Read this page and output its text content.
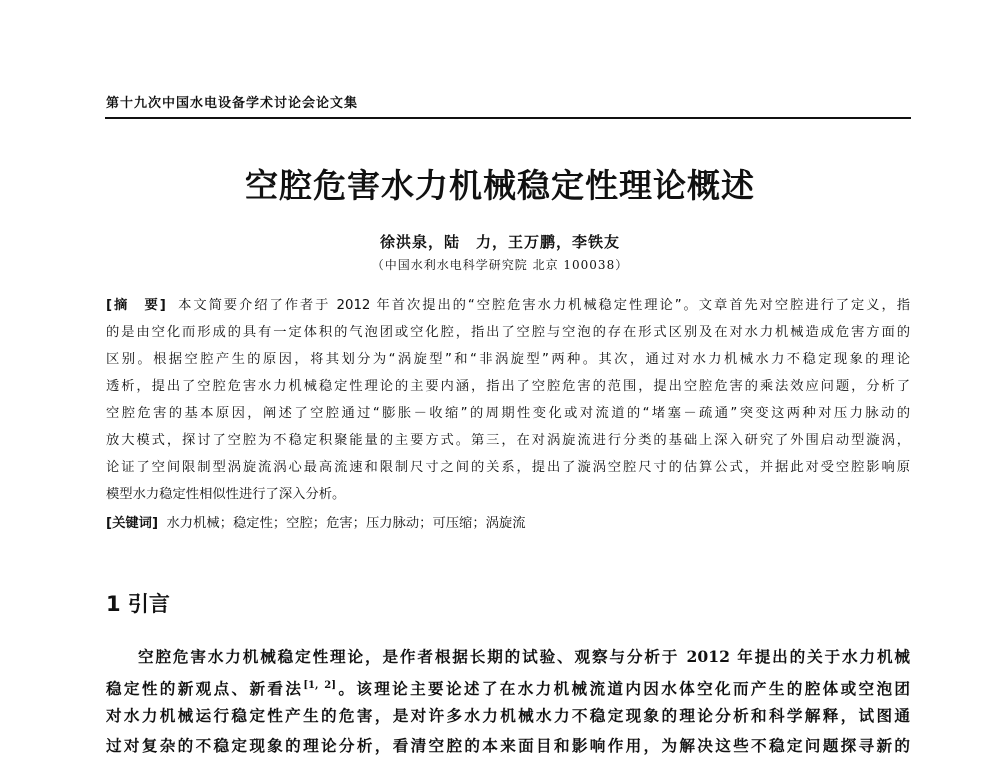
第十九次中国水电设备学术讨论会论文集
空腔危害水力机械稳定性理论概述
徐洪泉，陆　力，王万鹏，李铁友
（中国水利水电科学研究院 北京 100038）
[摘　要] 本文简要介绍了作者于 2012 年首次提出的“空腔危害水力机械稳定性理论”。文章首先对空腔进行了定义，指
的是由空化而形成的具有一定体积的气泡团或空化腔，指出了空腔与空泡的存在形式区别及在对水力机械造成危害方面的
区别。根据空腔产生的原因，将其划分为“涡旋型”和“非涡旋型”两种。其次，通过对水力机械水力不稳定现象的理论
透析，提出了空腔危害水力机械稳定性理论的主要内涵，指出了空腔危害的范围，提出空腔危害的乘法效应问题，分析了
空腔危害的基本原因，阐述了空腔通过“膨胀－收缩”的周期性变化或对流道的“堵塞－疏通”突变这两种对压力脉动的
放大模式，探讨了空腔为不稳定积聚能量的主要方式。第三，在对涡旋流进行分类的基础上深入研究了外围启动型漩涡，
论证了空间限制型涡旋流涡心最高流速和限制尺寸之间的关系，提出了漩涡空腔尺寸的估算公式，并据此对受空腔影响原
模型水力稳定性相似性进行了深入分析。
[关键词] 水力机械；稳定性；空腔；危害；压力脉动；可压缩；涡旋流
1 引言
空腔危害水力机械稳定性理论，是作者根据长期的试验、观察与分析于 2012 年提出的关于水力机械
稳定性的新观点、新看法[1, 2]。该理论主要论述了在水力机械流道内因水体空化而产生的腔体或空泡团
对水力机械运行稳定性产生的危害，是对许多水力机械水力不稳定现象的理论分析和科学解释，试图通
过对复杂的不稳定现象的理论分析，看清空腔的本来面目和影响作用，为解决这些不稳定问题探寻新的
